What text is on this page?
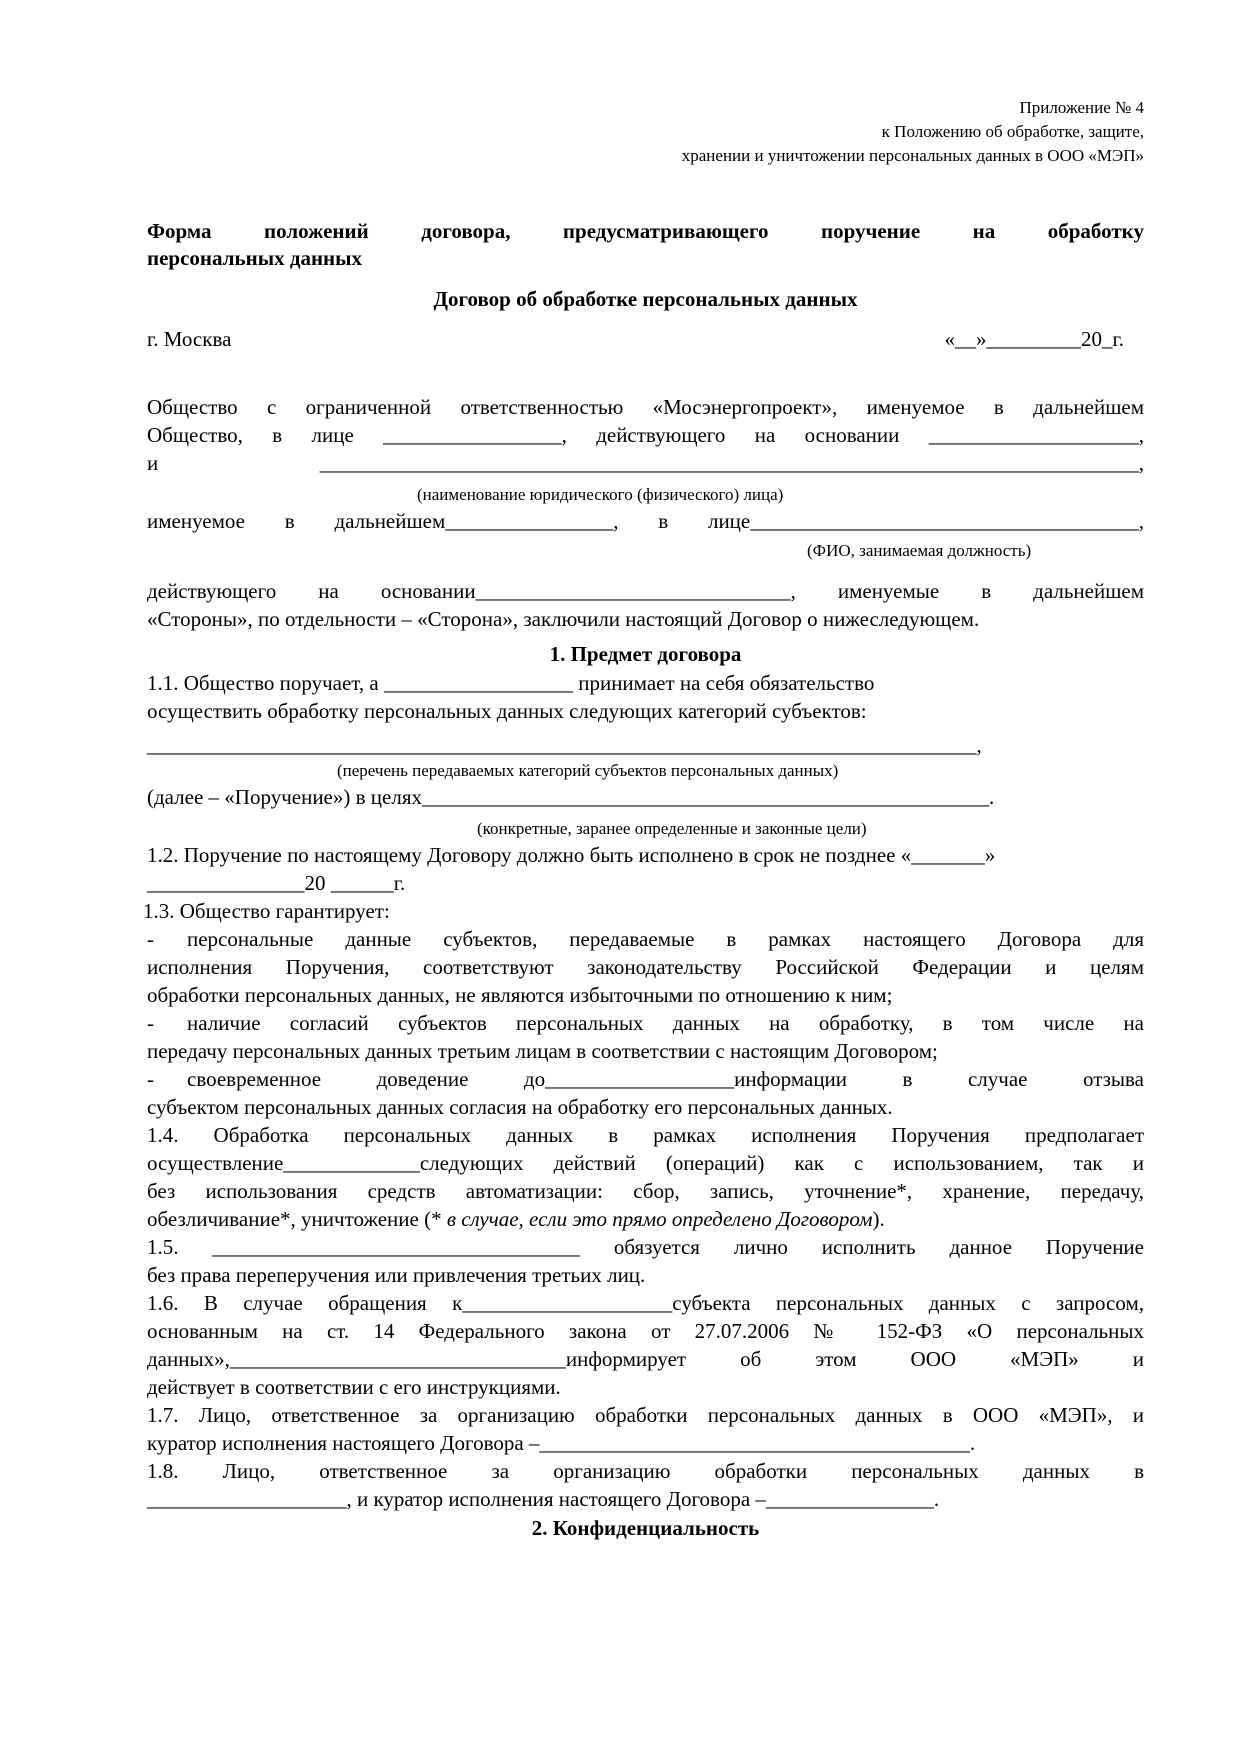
Приложение № 4
к Положению об обработке, защите,
хранении и уничтожении персональных данных в ООО «МЭП»
Форма положений договора, предусматривающего поручение на обработку
персональных данных
Договор об обработке персональных данных
г. Москва	«__»_________20_г.

Общество с ограниченной ответственностью «Мосэнергопроект», именуемое в дальнейшем

Общество, в лице _________________, действующего на основании ____________________,

и ______________________________________________________________________________,

(наименование юридического (физического) лица)

именуемое в дальнейшем________________, в лице_____________________________________,

(ФИО, занимаемая должность)

действующего на основании______________________________, именуемые в дальнейшем

«Стороны», по отдельности – «Сторона», заключили настоящий Договор о нижеследующем.

1. Предмет договора

1.1. Общество поручает, а __________________ принимает на себя обязательство

осуществить обработку персональных данных следующих категорий субъектов:

_______________________________________________________________________________,

(перечень передаваемых категорий субъектов персональных данных)

(далее – «Поручение») в целях______________________________________________________.

(конкретные, заранее определенные и законные цели)

1.2. Поручение по настоящему Договору должно быть исполнено в срок не позднее «_______»

_______________20 ______г.

1.3. Общество гарантирует:

- персональные данные субъектов, передаваемые в рамках настоящего Договора для

исполнения Поручения, соответствуют законодательству Российской Федерации и целям

обработки персональных данных, не являются избыточными по отношению к ним;

- наличие согласий субъектов персональных данных на обработку, в том числе на

передачу персональных данных третьим лицам в соответствии с настоящим Договором;

- своевременное доведение до__________________информации в случае отзыва

субъектом персональных данных согласия на обработку его персональных данных.

1.4. Обработка персональных данных в рамках исполнения Поручения предполагает

осуществление_____________следующих действий (операций) как с использованием, так и

без использования средств автоматизации: сбор, запись, уточнение*, хранение, передачу,

обезличивание*, уничтожение (* в случае, если это прямо определено Договором).

1.5. ___________________________________ обязуется лично исполнить данное Поручение

без права переперучения или привлечения третьих лиц.

1.6. В случае обращения к____________________субъекта персональных данных с запросом,

основанным на ст. 14 Федерального закона от 27.07.2006 № 152-ФЗ «О персональных

данных»,________________________________информирует об этом ООО «МЭП» и

действует в соответствии с его инструкциями.

1.7. Лицо, ответственное за организацию обработки персональных данных в ООО «МЭП», и

куратор исполнения настоящего Договора –_________________________________________.

1.8. Лицо, ответственное за организацию обработки персональных данных в

___________________, и куратор исполнения настоящего Договора –________________.

2. Конфиденциальность
